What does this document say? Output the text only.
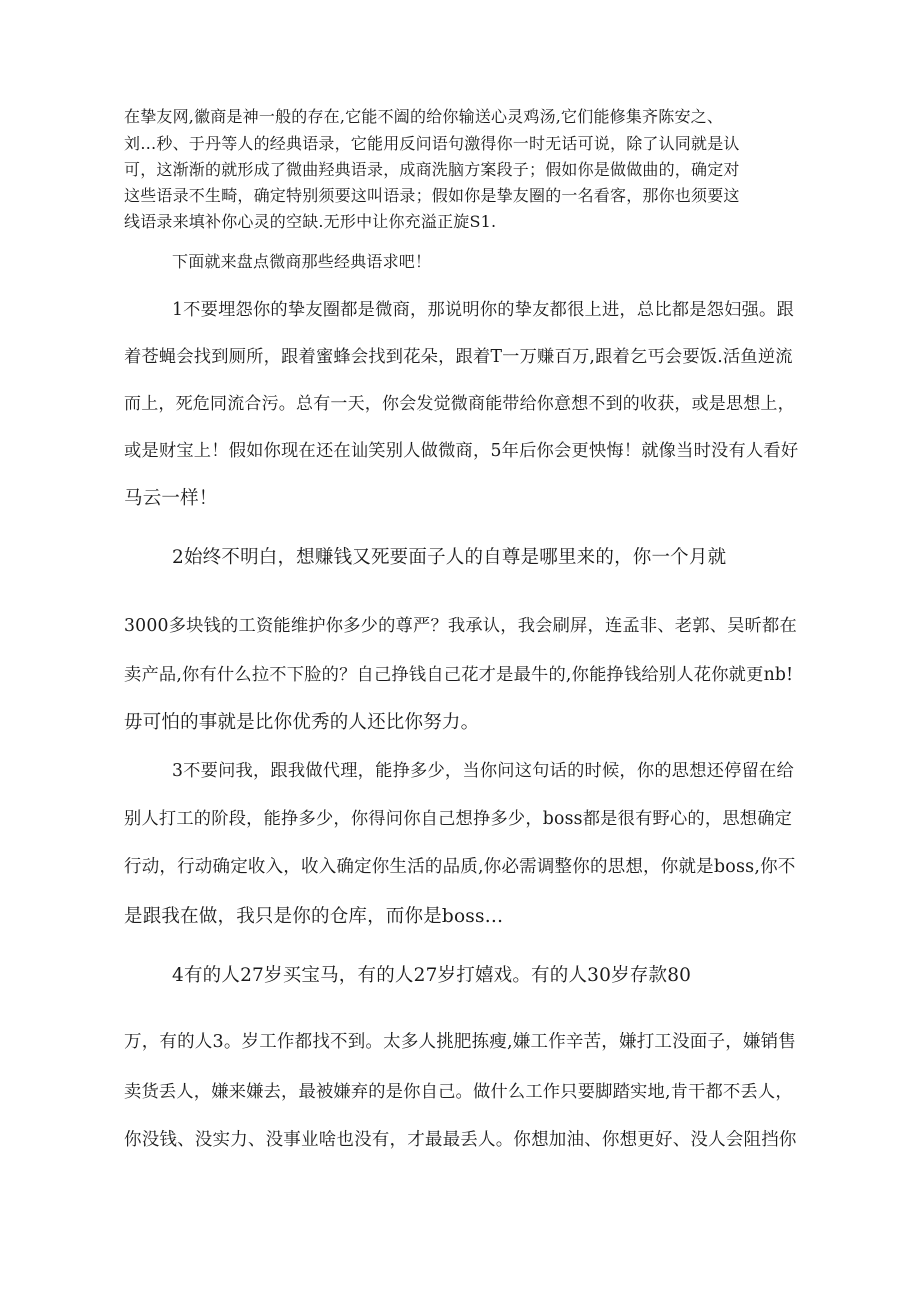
在挚友网,徽商是神一般的存在,它能不阖的给你输送心灵鸡汤,它们能修集齐陈安之、
刘…秒、于丹等人的经典语录，它能用反问语句激得你一时无话可说，除了认同就是认
可，这渐渐的就形成了微曲羟典语录，成商洗脑方案段子；假如你是做做曲的，确定对
这些语录不生畸，确定特别须要这叫语录；假如你是挚友圈的一名看客，那你也须要这
线语录来填补你心灵的空缺.无形中让你充溢正旋S1.
下面就来盘点微商那些经典语求吧！
1不要埋怨你的挚友圈都是微商，那说明你的挚友都很上进，总比都是怨妇强。跟
着苍蝇会找到厕所，跟着蜜蜂会找到花朵，跟着T一万赚百万,跟着乞丐会要饭.活鱼逆流
而上，死危同流合污。总有一天，你会发觉微商能带给你意想不到的收获，或是思想上，
或是财宝上！假如你现在还在讪笑别人做微商，5年后你会更怏悔！就像当时没有人看好
马云一样！
2始终不明白，想赚钱又死要面子人的自尊是哪里来的，你一个月就
3000多块钱的工资能维护你多少的尊严？我承认，我会刷屏，连孟非、老郭、吴昕都在
卖产品,你有什么拉不下脸的？自己挣钱自己花才是最牛的,你能挣钱给别人花你就更nb!
毋可怕的事就是比你优秀的人还比你努力。
3不要问我，跟我做代理，能挣多少，当你问这句话的时候，你的思想还停留在给
别人打工的阶段，能挣多少，你得问你自己想挣多少，boss都是很有野心的，思想确定
行动，行动确定收入，收入确定你生活的品质,你必需调整你的思想，你就是boss,你不
是跟我在做，我只是你的仓库，而你是boss…
4有的人27岁买宝马，有的人27岁打嬉戏。有的人30岁存款80
万，有的人3。岁工作都找不到。太多人挑肥拣瘦,嫌工作辛苦，嫌打工没面子，嫌销售
卖货丢人，嫌来嫌去，最被嫌弃的是你自己。做什么工作只要脚踏实地,肯干都不丢人，
你没钱、没实力、没事业啥也没有，才最最丢人。你想加油、你想更好、没人会阻挡你
